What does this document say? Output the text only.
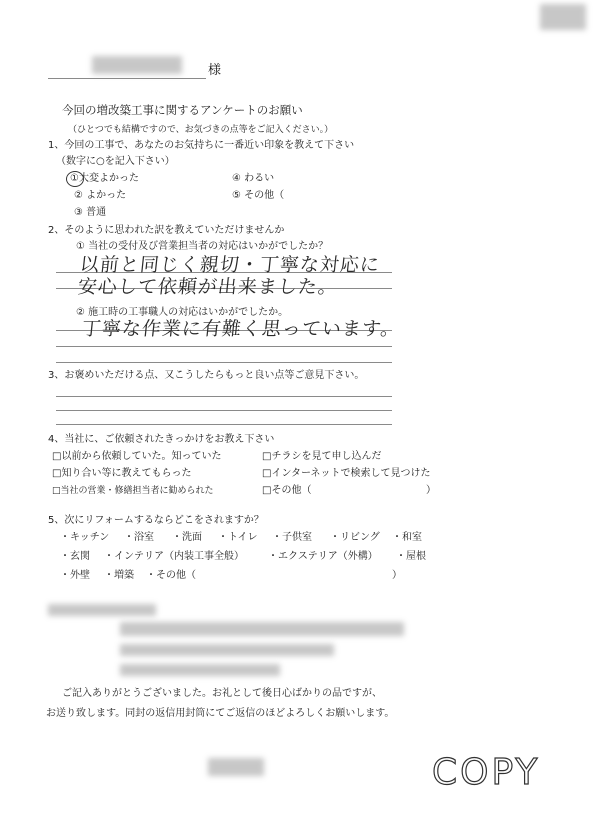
様
今回の増改築工事に関するアンケートのお願い
（ひとつでも結構ですので、お気づきの点等をご記入ください。）
1、今回の工事で、あなたのお気持ちに一番近い印象を教えて下さい
（数字に○を記入下さい）
①大変よかった	④ わるい
② よかった	⑤ その他（
③ 普通
2、そのように思われた訳を教えていただけませんか
① 当社の受付及び営業担当者の対応はいかがでしたか？
以前と同じく親切・丁寧な対応に
安心して依頼が出来ました。
② 施工時の工事職人の対応はいかがでしたか。
丁寧な作業に有難く思っています。
3、お褒めいただける点、又こうしたらもっと良い点等ご意見下さい。
4、当社に、ご依頼されたきっかけをお教え下さい
□以前から依頼していた。知っていた	□チラシを見て申し込んだ
□知り合い等に教えてもらった	□インターネットで検索して見つけた
□当社の営業・修繕担当者に勧められた	□その他（	）
5、次にリフォームするならどこをされますか？
・キッチン ・浴室 ・洗面 ・トイレ ・子供室 ・リビング ・和室
・玄関 ・インテリア（内装工事全般） ・エクステリア（外構） ・屋根
・外壁 ・増築 ・その他（	）
ご記入ありがとうございました。お礼として後日心ばかりの品ですが、
お送り致します。同封の返信用封筒にてご返信のほどよろしくお願いします。
COPY
